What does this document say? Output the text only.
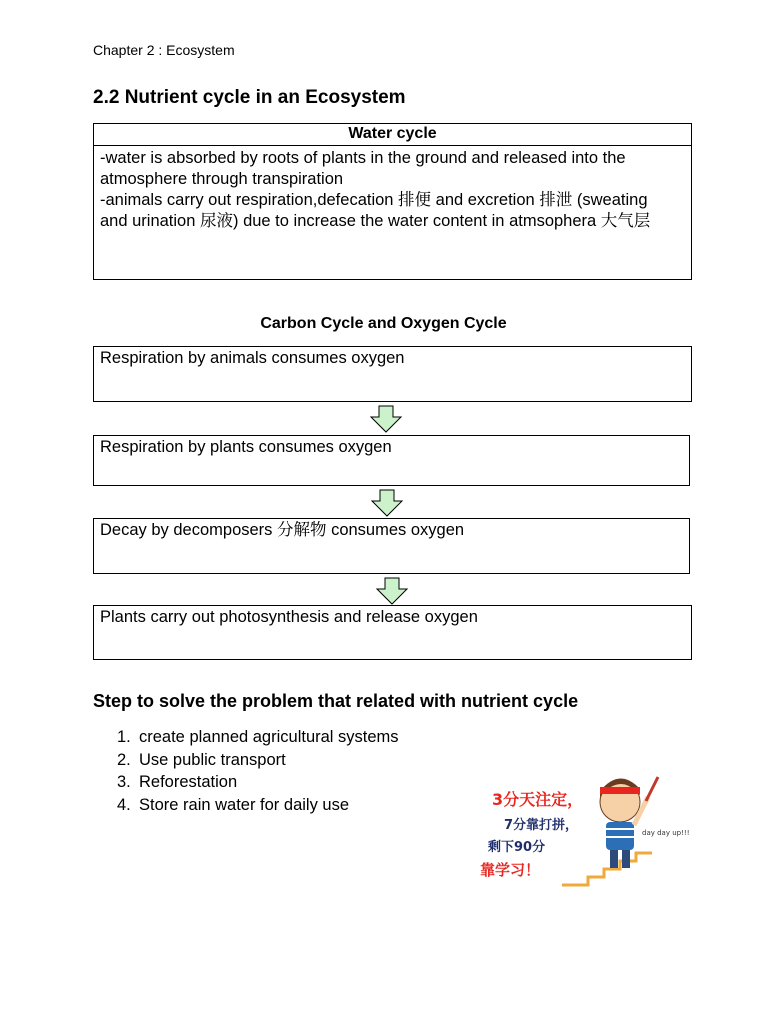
Chapter 2 : Ecosystem
2.2 Nutrient cycle in an Ecosystem
Water cycle
-water is absorbed by roots of plants in the ground and released into the atmosphere through transpiration
-animals carry out respiration,defecation 排便 and excretion 排泄 (sweating and urination 尿液) due to increase the water content in atmsophera 大气层
Carbon Cycle and Oxygen Cycle
Respiration by animals consumes oxygen
Respiration by plants consumes oxygen
Decay by decomposers 分解物 consumes oxygen
Plants carry out photosynthesis and release oxygen
Step to solve the problem that related with nutrient cycle
1. create planned agricultural systems
2. Use public transport
3. Reforestation
4. Store rain water for daily use	3分天注定，
7分靠打拼，
剩下90分
靠学习！
day day up!!!
